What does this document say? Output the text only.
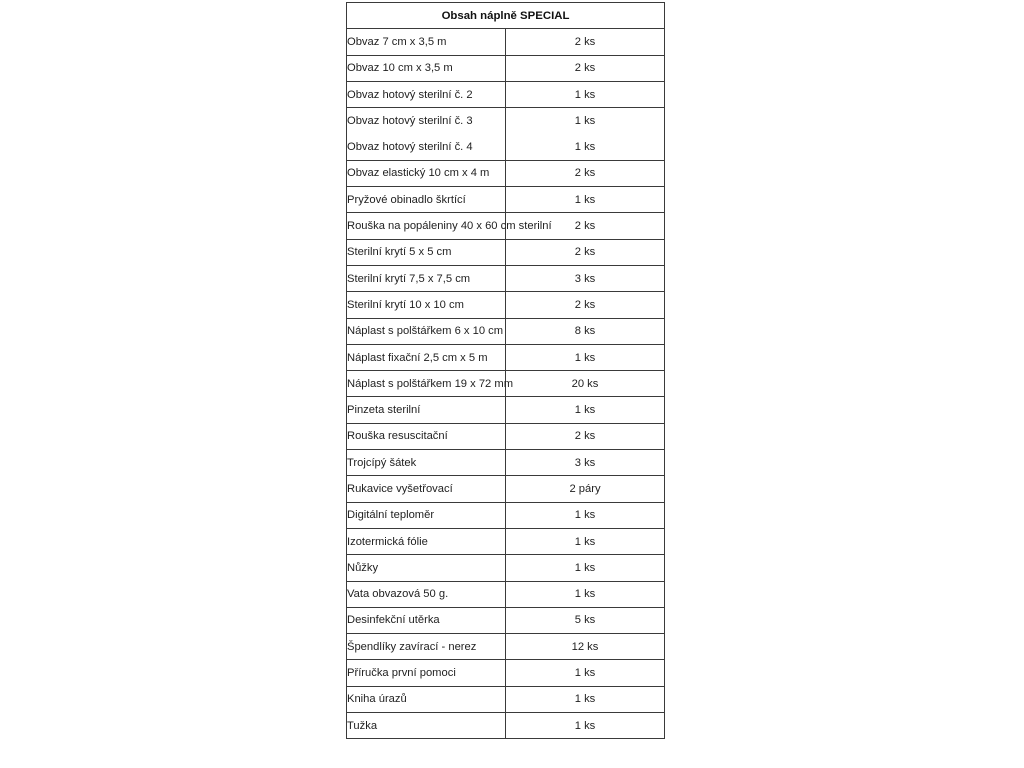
Obsah náplně SPECIAL	
Obvaz 7 cm x 3,5 m	2 ks
Obvaz 10 cm x 3,5 m	2 ks
Obvaz hotový sterilní č. 2	1 ks
Obvaz hotový sterilní č. 3	1 ks
Obvaz hotový sterilní č. 4	1 ks
Obvaz elastický 10 cm x 4 m	2 ks
Pryžové obinadlo škrtící	1 ks
Rouška na popáleniny 40 x 60 cm sterilní	2 ks
Sterilní krytí 5 x 5 cm	2 ks
Sterilní krytí 7,5 x 7,5 cm	3 ks
Sterilní krytí 10 x 10 cm	2 ks
Náplast s polštářkem 6 x 10 cm	8 ks
Náplast fixační 2,5 cm x 5 m	1 ks
Náplast s polštářkem 19 x 72 mm	20 ks
Pinzeta sterilní	1 ks
Rouška resuscitační	2 ks
Trojcípý šátek	3 ks
Rukavice vyšetřovací	2 páry
Digitální teploměr	1 ks
Izotermická fólie	1 ks
Nůžky	1 ks
Vata obvazová 50 g.	1 ks
Desinfekční utěrka	5 ks
Špendlíky zavírací - nerez	12 ks
Příručka první pomoci	1 ks
Kniha úrazů	1 ks
Tužka	1 ks
